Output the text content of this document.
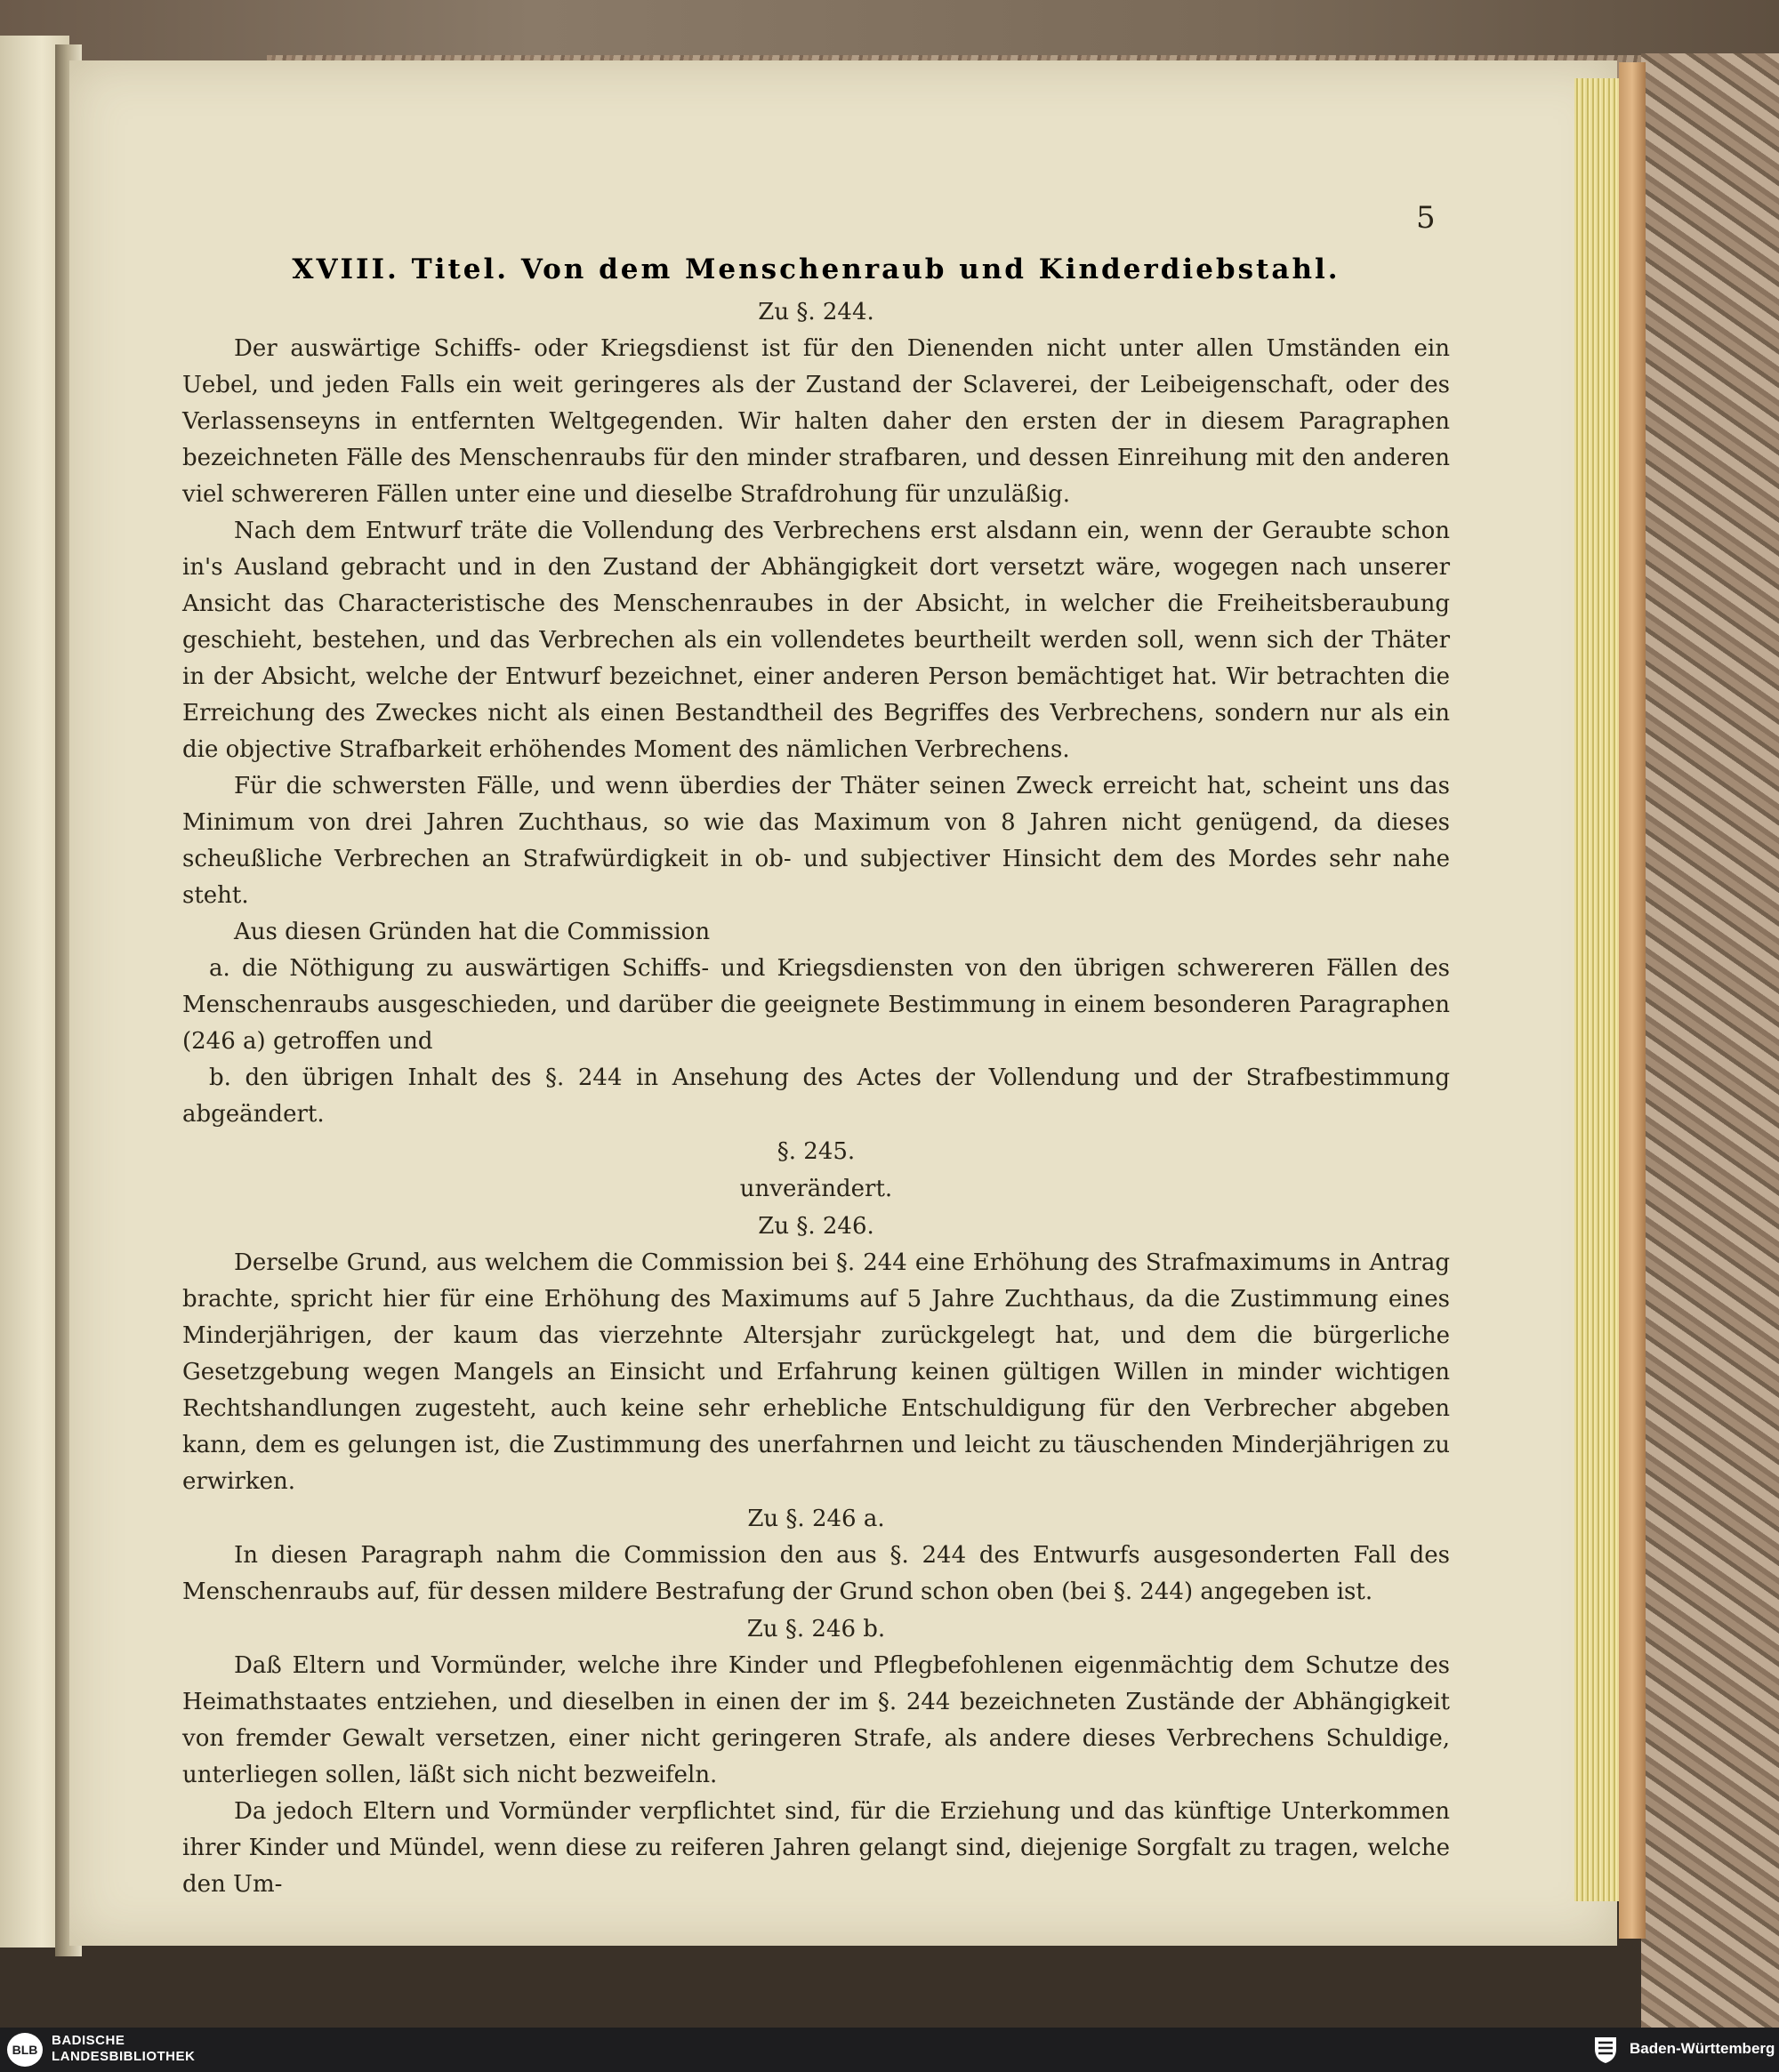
5
XVIII. Titel. Von dem Menschenraub und Kinderdiebstahl.
Zu §. 244.

Der auswärtige Schiffs- oder Kriegsdienst ist für den Dienenden nicht unter allen Umständen ein Uebel, und jeden Falls ein weit geringeres als der Zustand der Sclaverei, der Leibeigenschaft, oder des Verlassenseyns in entfernten Weltgegenden. Wir halten daher den ersten der in diesem Paragraphen bezeichneten Fälle des Menschenraubs für den minder strafbaren, und dessen Einreihung mit den anderen viel schwereren Fällen unter eine und dieselbe Strafdrohung für unzuläßig.

Nach dem Entwurf träte die Vollendung des Verbrechens erst alsdann ein, wenn der Geraubte schon in's Ausland gebracht und in den Zustand der Abhängigkeit dort versetzt wäre, wogegen nach unserer Ansicht das Characteristische des Menschenraubes in der Absicht, in welcher die Freiheitsberaubung geschieht, bestehen, und das Verbrechen als ein vollendetes beurtheilt werden soll, wenn sich der Thäter in der Absicht, welche der Entwurf bezeichnet, einer anderen Person bemächtiget hat. Wir betrachten die Erreichung des Zweckes nicht als einen Bestandtheil des Begriffes des Verbrechens, sondern nur als ein die objective Strafbarkeit erhöhendes Moment des nämlichen Verbrechens.

Für die schwersten Fälle, und wenn überdies der Thäter seinen Zweck erreicht hat, scheint uns das Minimum von drei Jahren Zuchthaus, so wie das Maximum von 8 Jahren nicht genügend, da dieses scheußliche Verbrechen an Strafwürdigkeit in ob- und subjectiver Hinsicht dem des Mordes sehr nahe steht.

Aus diesen Gründen hat die Commission

a. die Nöthigung zu auswärtigen Schiffs- und Kriegsdiensten von den übrigen schwereren Fällen des Menschenraubs ausgeschieden, und darüber die geeignete Bestimmung in einem besonderen Paragraphen (246 a) getroffen und

b. den übrigen Inhalt des §. 244 in Ansehung des Actes der Vollendung und der Strafbestimmung abgeändert.

§. 245.
unverändert.
Zu §. 246.

Derselbe Grund, aus welchem die Commission bei §. 244 eine Erhöhung des Strafmaximums in Antrag brachte, spricht hier für eine Erhöhung des Maximums auf 5 Jahre Zuchthaus, da die Zustimmung eines Minderjährigen, der kaum das vierzehnte Altersjahr zurückgelegt hat, und dem die bürgerliche Gesetzgebung wegen Mangels an Einsicht und Erfahrung keinen gültigen Willen in minder wichtigen Rechtshandlungen zugesteht, auch keine sehr erhebliche Entschuldigung für den Verbrecher abgeben kann, dem es gelungen ist, die Zustimmung des unerfahrnen und leicht zu täuschenden Minderjährigen zu erwirken.

Zu §. 246 a.

In diesen Paragraph nahm die Commission den aus §. 244 des Entwurfs ausgesonderten Fall des Menschenraubs auf, für dessen mildere Bestrafung der Grund schon oben (bei §. 244) angegeben ist.

Zu §. 246 b.

Daß Eltern und Vormünder, welche ihre Kinder und Pflegbefohlenen eigenmächtig dem Schutze des Heimathstaates entziehen, und dieselben in einen der im §. 244 bezeichneten Zustände der Abhängigkeit von fremder Gewalt versetzen, einer nicht geringeren Strafe, als andere dieses Verbrechens Schuldige, unterliegen sollen, läßt sich nicht bezweifeln.

Da jedoch Eltern und Vormünder verpflichtet sind, für die Erziehung und das künftige Unterkommen ihrer Kinder und Mündel, wenn diese zu reiferen Jahren gelangt sind, diejenige Sorgfalt zu tragen, welche den Um-

BLB
BADISCHE
LANDESBIBLIOTHEK	Baden-Württemberg
